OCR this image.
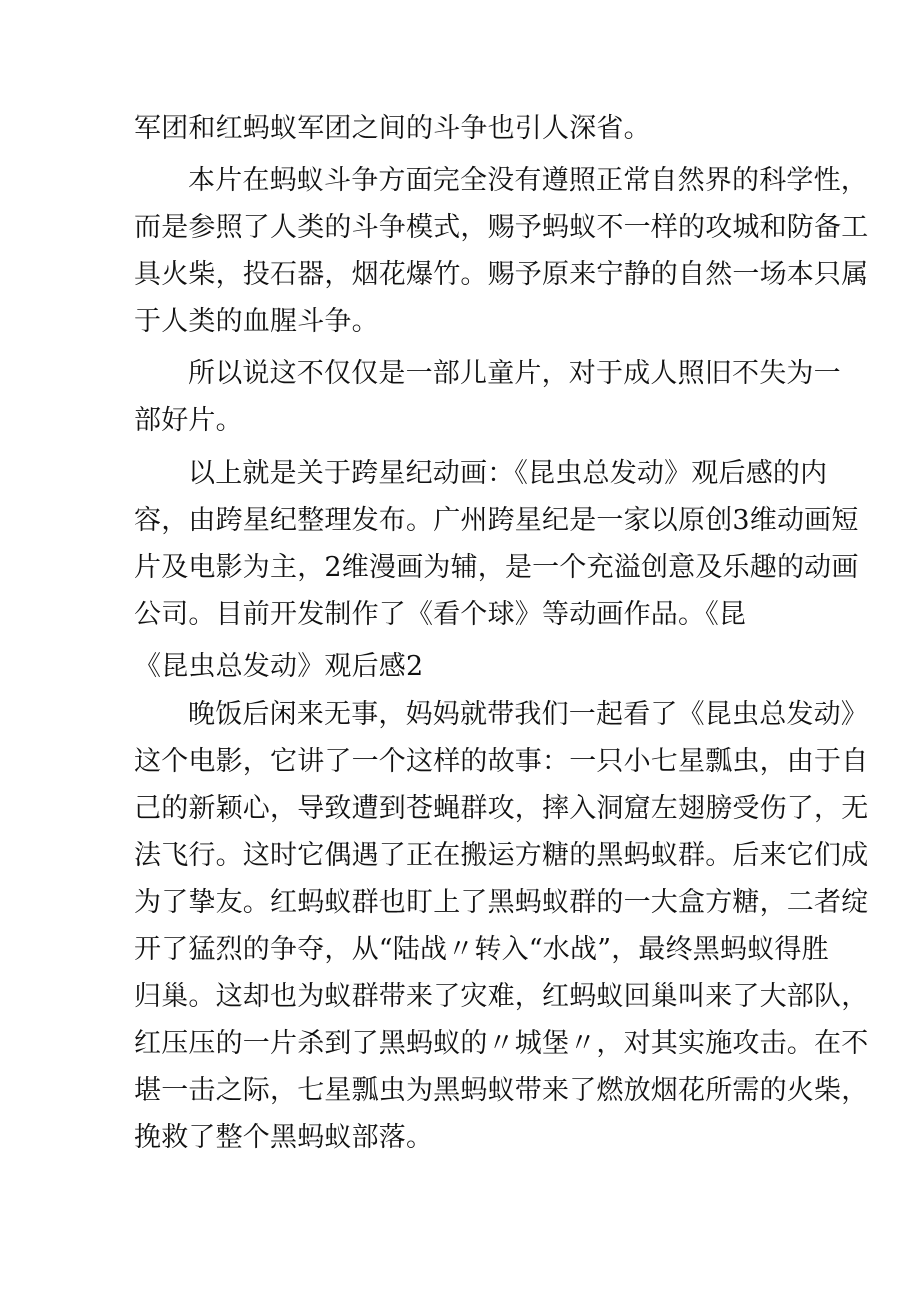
军团和红蚂蚁军团之间的斗争也引人深省。
本片在蚂蚁斗争方面完全没有遵照正常自然界的科学性，
而是参照了人类的斗争模式，赐予蚂蚁不一样的攻城和防备工
具火柴，投石器，烟花爆竹。赐予原来宁静的自然一场本只属
于人类的血腥斗争。
所以说这不仅仅是一部儿童片，对于成人照旧不失为一
部好片。
以上就是关于跨星纪动画：《昆虫总发动》观后感的内
容，由跨星纪整理发布。广州跨星纪是一家以原创3维动画短
片及电影为主，2维漫画为辅，是一个充溢创意及乐趣的动画
公司。目前开发制作了《看个球》等动画作品。《昆
《昆虫总发动》观后感2
晚饭后闲来无事，妈妈就带我们一起看了《昆虫总发动》
这个电影，它讲了一个这样的故事：一只小七星瓢虫，由于自
己的新颖心，导致遭到苍蝇群攻，摔入洞窟左翅膀受伤了，无
法飞行。这时它偶遇了正在搬运方糖的黑蚂蚁群。后来它们成
为了挚友。红蚂蚁群也盯上了黑蚂蚁群的一大盒方糖，二者绽
开了猛烈的争夺，从“陆战〃转入“水战”，最终黑蚂蚁得胜
归巢。这却也为蚁群带来了灾难，红蚂蚁回巢叫来了大部队，
红压压的一片杀到了黑蚂蚁的〃城堡〃，对其实施攻击。在不
堪一击之际，七星瓢虫为黑蚂蚁带来了燃放烟花所需的火柴，
挽救了整个黑蚂蚁部落。
